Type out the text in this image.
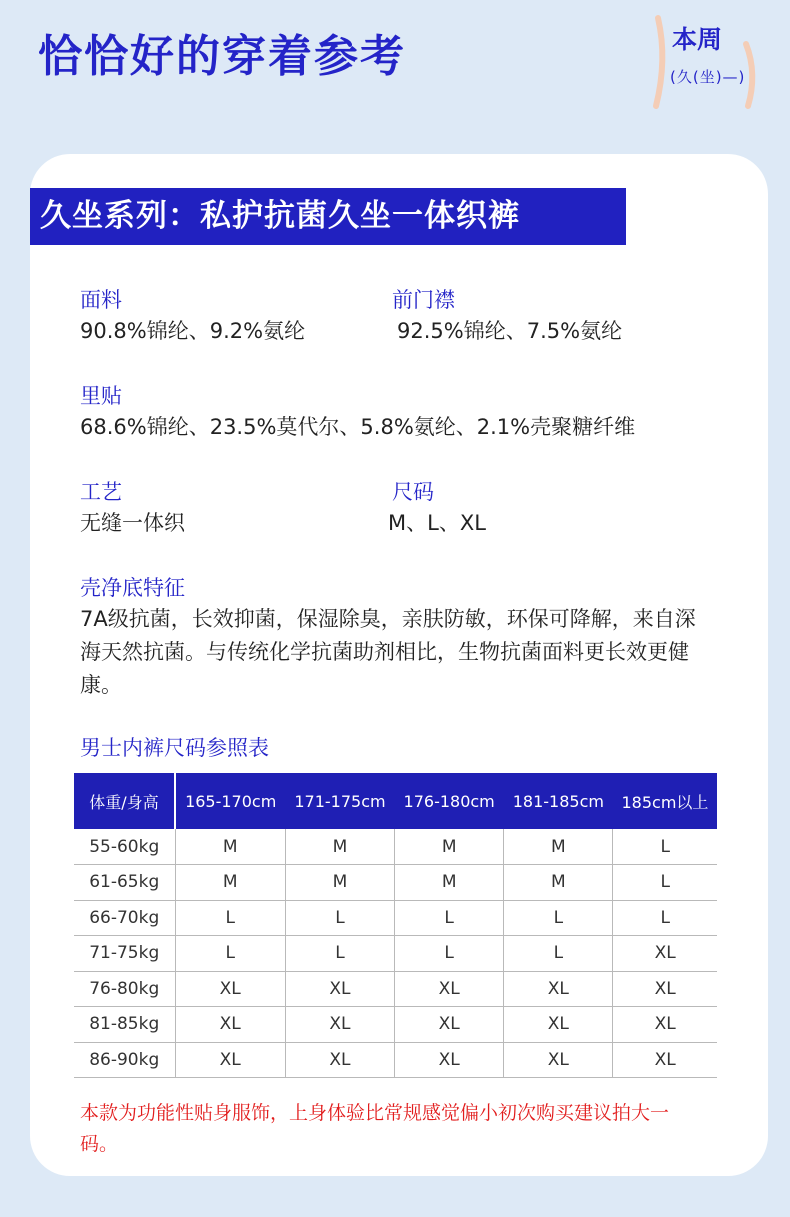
恰恰好的穿着参考	本周
(久(坐)—)
久坐系列：私护抗菌久坐一体织裤
面料
90.8%锦纶、9.2%氨纶
前门襟
92.5%锦纶、7.5%氨纶
里贴
68.6%锦纶、23.5%莫代尔、5.8%氨纶、2.1%壳聚糖纤维
工艺
无缝一体织
尺码
M、L、XL
壳净底特征
7A级抗菌，长效抑菌，保湿除臭，亲肤防敏，环保可降解，来自深海天然抗菌。与传统化学抗菌助剂相比，生物抗菌面料更长效更健康。
男士内裤尺码参照表
体重/身高	165-170cm	171-175cm	176-180cm	181-185cm	185cm以上
55-60kg	M	M	M	M	L
61-65kg	M	M	M	M	L
66-70kg	L	L	L	L	L
71-75kg	L	L	L	L	XL
76-80kg	XL	XL	XL	XL	XL
81-85kg	XL	XL	XL	XL	XL
86-90kg	XL	XL	XL	XL	XL
本款为功能性贴身服饰，上身体验比常规感觉偏小初次购买建议拍大一码。
